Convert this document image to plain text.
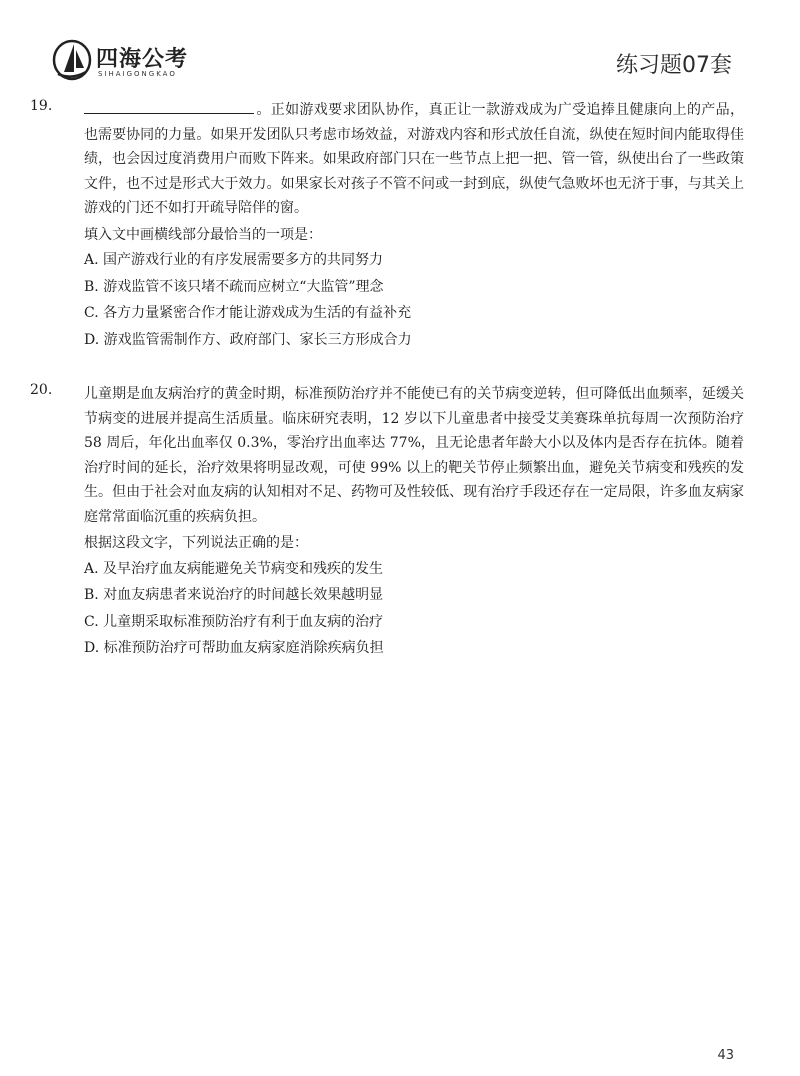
四海公考
SIHAIGONGKAO	练习题07套
19.	。正如游戏要求团队协作，真正让一款游戏成为广受追捧且健康向上的产品，也需要协同的力量。如果开发团队只考虑市场效益，对游戏内容和形式放任自流，纵使在短时间内能取得佳绩，也会因过度消费用户而败下阵来。如果政府部门只在一些节点上把一把、管一管，纵使出台了一些政策文件，也不过是形式大于效力。如果家长对孩子不管不问或一封到底，纵使气急败坏也无济于事，与其关上游戏的门还不如打开疏导陪伴的窗。

填入文中画横线部分最恰当的一项是：
A. 国产游戏行业的有序发展需要多方的共同努力
B. 游戏监管不该只堵不疏而应树立“大监管”理念
C. 各方力量紧密合作才能让游戏成为生活的有益补充
D. 游戏监管需制作方、政府部门、家长三方形成合力
20. 儿童期是血友病治疗的黄金时期，标准预防治疗并不能使已有的关节病变逆转，但可降低出血频率，延缓关节病变的进展并提高生活质量。临床研究表明，12 岁以下儿童患者中接受艾美赛珠单抗每周一次预防治疗 58 周后，年化出血率仅 0.3%，零治疗出血率达 77%，且无论患者年龄大小以及体内是否存在抗体。随着治疗时间的延长，治疗效果将明显改观，可使 99% 以上的靶关节停止频繁出血，避免关节病变和残疾的发生。但由于社会对血友病的认知相对不足、药物可及性较低、现有治疗手段还存在一定局限，许多血友病家庭常常面临沉重的疾病负担。

根据这段文字，下列说法正确的是：
A. 及早治疗血友病能避免关节病变和残疾的发生
B. 对血友病患者来说治疗的时间越长效果越明显
C. 儿童期采取标准预防治疗有利于血友病的治疗
D. 标准预防治疗可帮助血友病家庭消除疾病负担
43
